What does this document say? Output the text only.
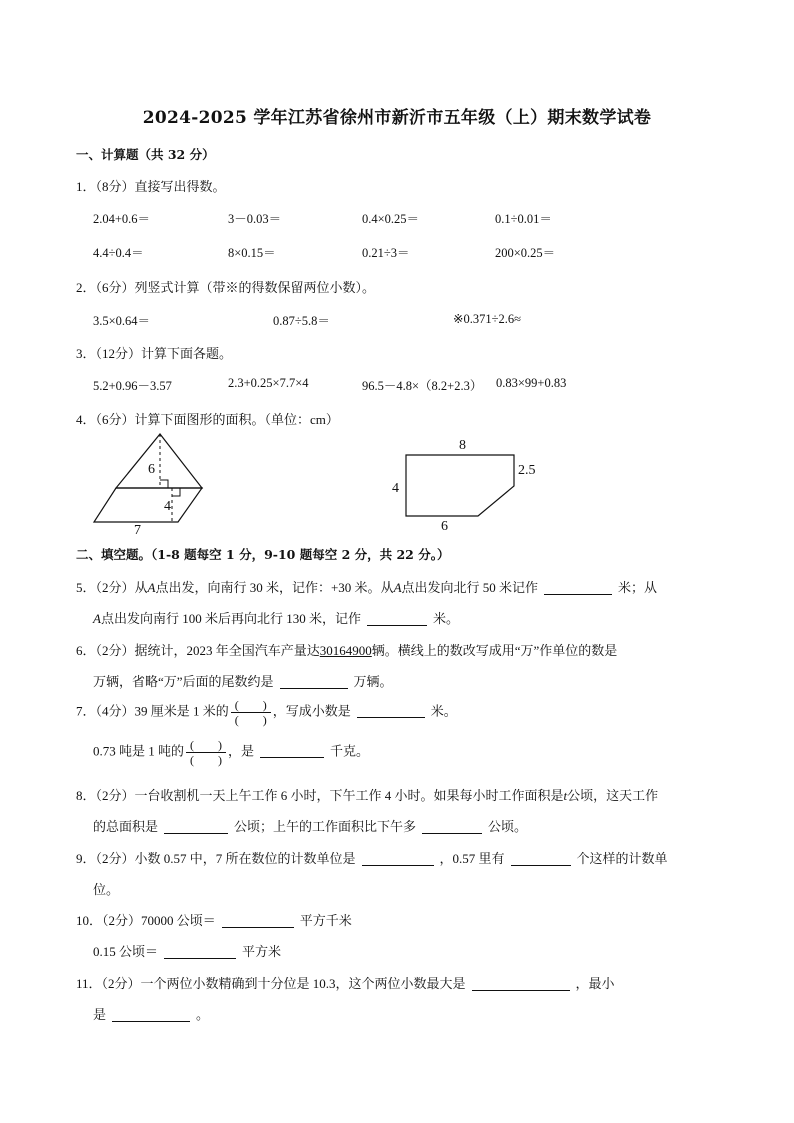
2024-2025 学年江苏省徐州市新沂市五年级（上）期末数学试卷
一、计算题（共 32 分）
1．（8分）直接写出得数。
2.04+0.6＝	3－0.03＝	0.4×0.25＝	0.1÷0.01＝
4.4÷0.4＝	8×0.15＝	0.21÷3＝	200×0.25＝
2．（6分）列竖式计算（带※的得数保留两位小数）。
3.5×0.64＝	0.87÷5.8＝	※0.371÷2.6≈
3．（12分）计算下面各题。
5.2+0.96－3.57	2.3+0.25×7.7×4	96.5－4.8×（8.2+2.3） 0.83×99+0.83
4．（6分）计算下面图形的面积。（单位：cm）
6
4
7
8
2.5
4
6
二、填空题。（1-8 题每空 1 分，9-10 题每空 2 分，共 22 分。）
5．（2分）从A点出发，向南行 30 米，记作：+30 米。从A点出发向北行 50 米记作	米；从
A点出发向南行 100 米后再向北行 130 米，记作	米。
6．（2分）据统计，2023 年全国汽车产量达30164900辆。横线上的数改写成用“万”作单位的数是
万辆，省略“万”后面的尾数约是	万辆。
7．（4分）39 厘米是 1 米的 $\frac{( )}{( )}$ ，写成小数是	米。
0.73 吨是 1 吨的 $\frac{( )}{( )}$ ，是	千克。
8．（2分）一台收割机一天上午工作 6 小时，下午工作 4 小时。如果每小时工作面积是t公顷，这天工作
的总面积是	公顷；上午的工作面积比下午多	公顷。
9．（2分）小数 0.57 中，7 所在数位的计数单位是	，0.57 里有	个这样的计数单
位。
10．（2分）70000 公顷＝	平方千米
0.15 公顷＝	平方米
11．（2分）一个两位小数精确到十分位是 10.3，这个两位小数最大是	，最小
是	。
